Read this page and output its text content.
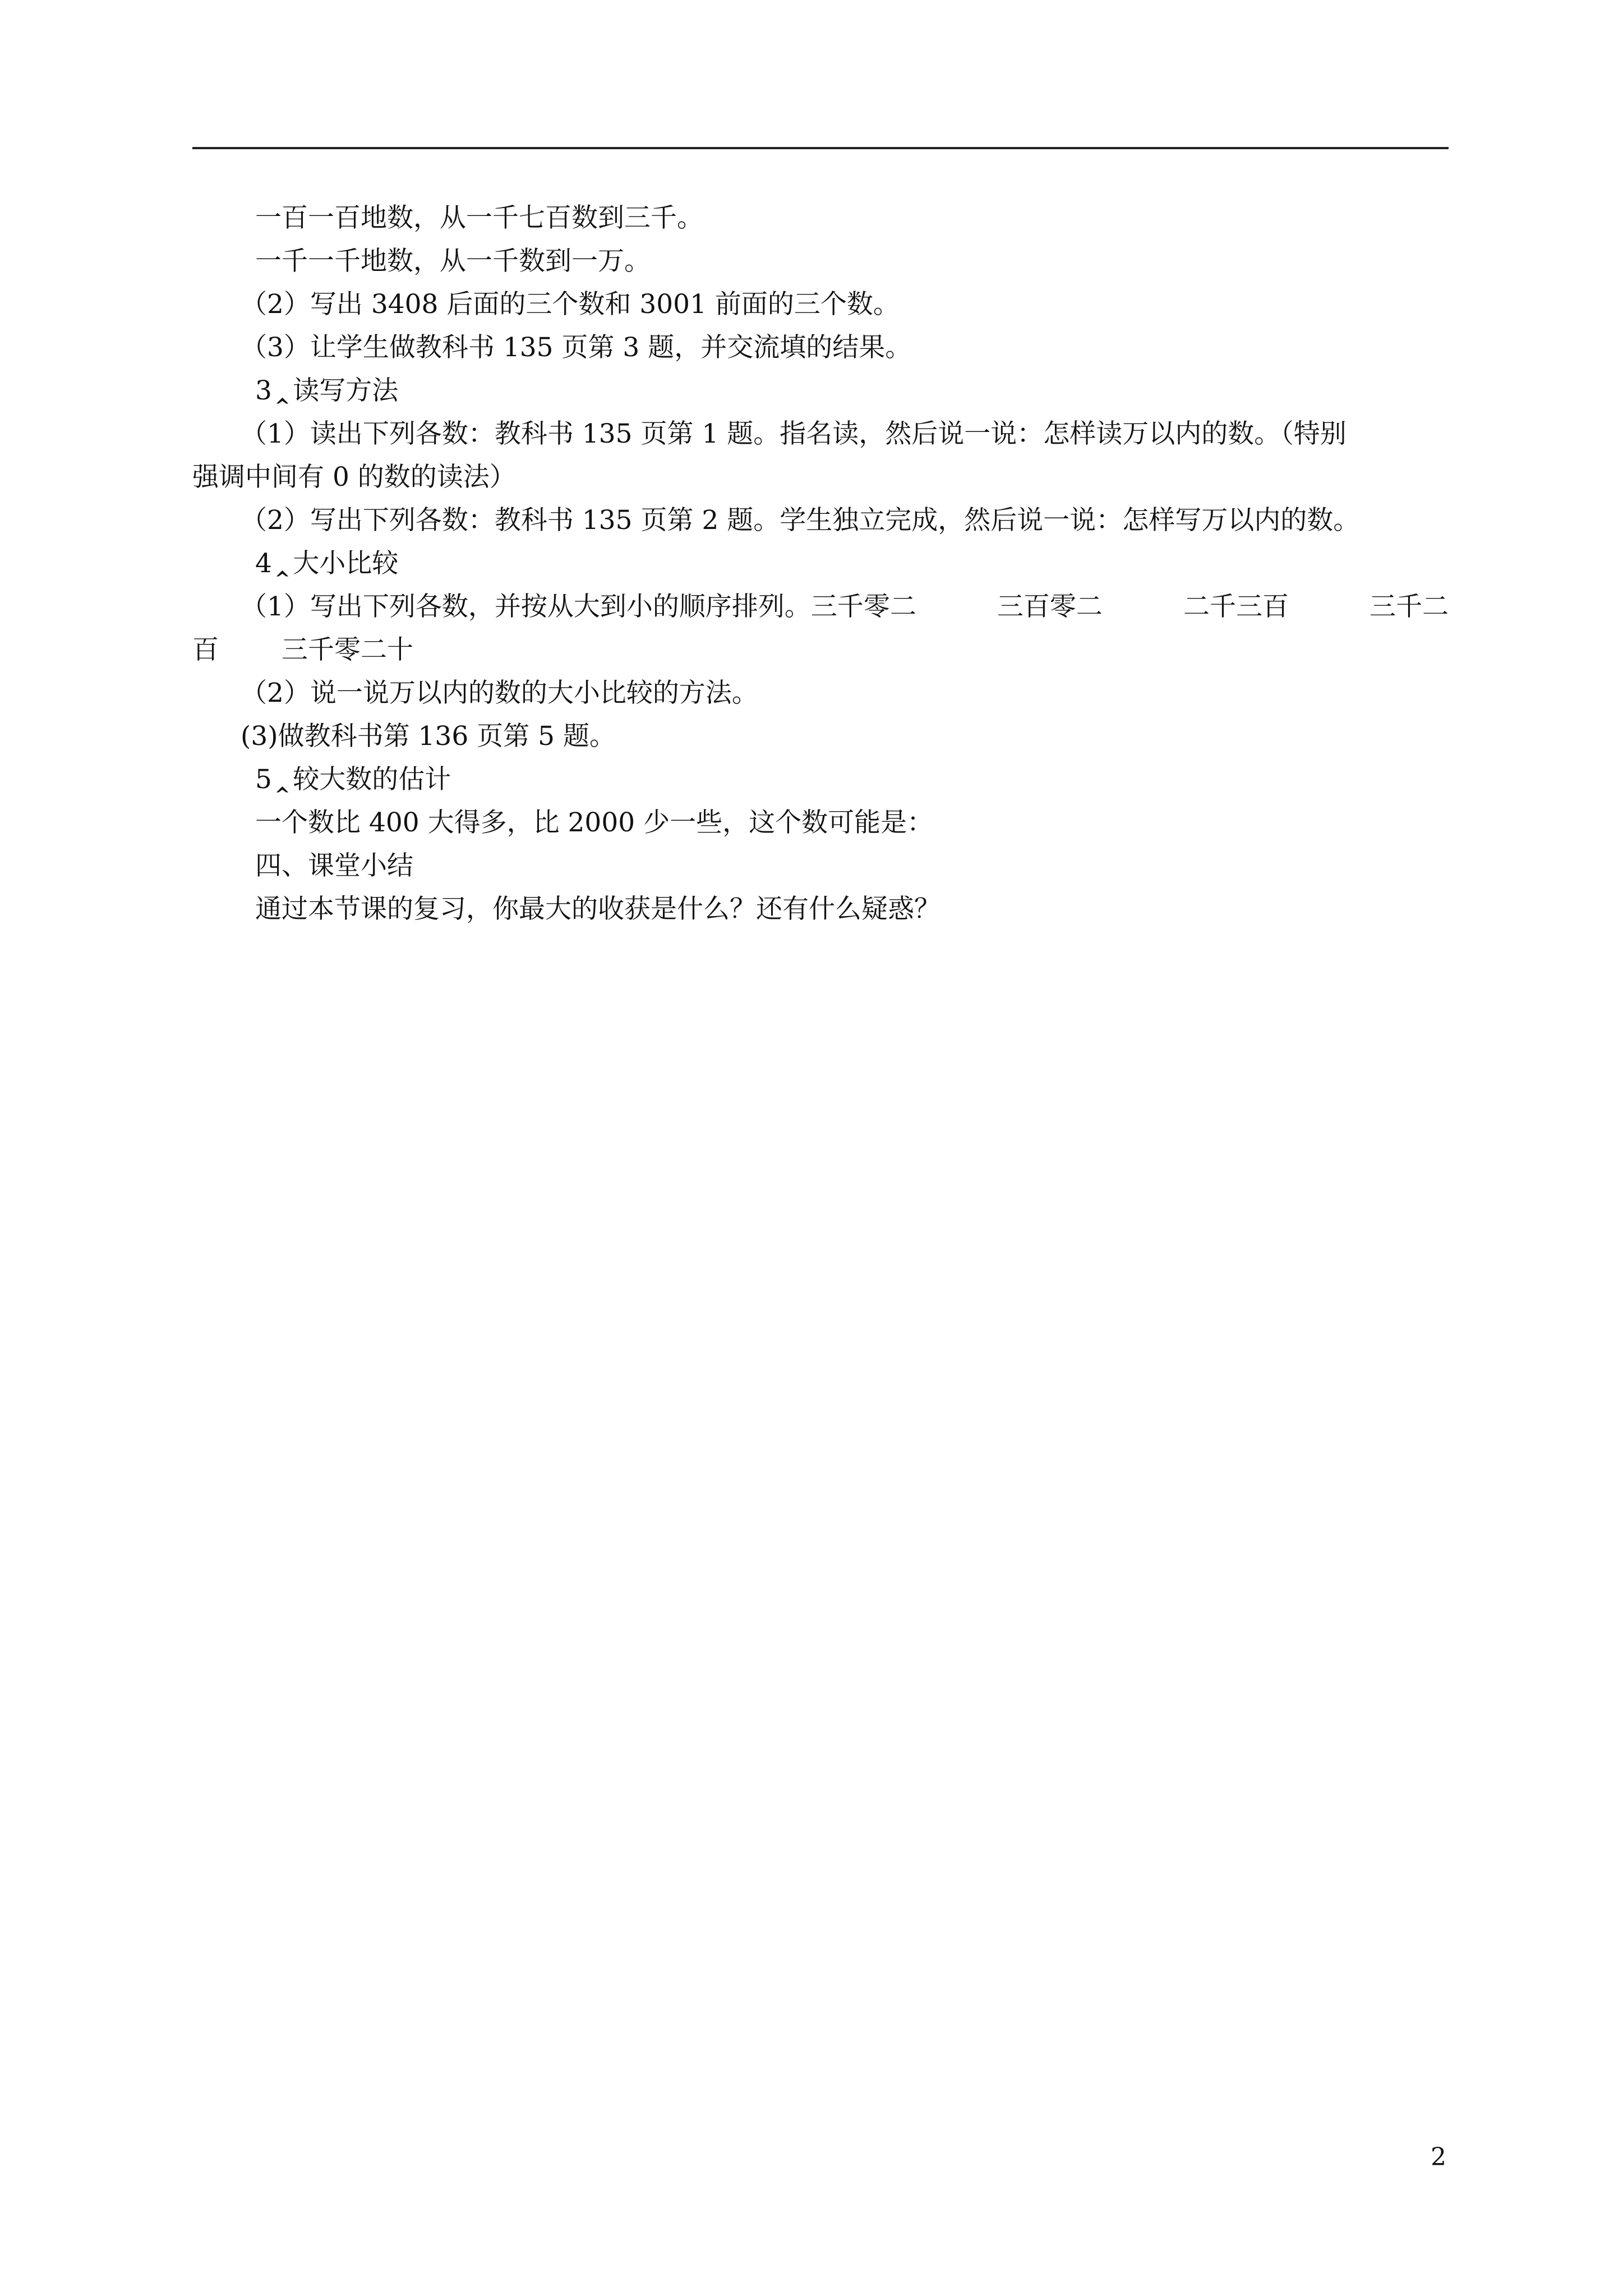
一百一百地数，从一千七百数到三千。
一千一千地数，从一千数到一万。
（2）写出 3408 后面的三个数和 3001 前面的三个数。
（3）让学生做教科书 135 页第 3 题，并交流填的结果。
3 ‸读写方法
（1）读出下列各数：教科书 135 页第 1 题。指名读，然后说一说：怎样读万以内的数。（特别
强调中间有 0 的数的读法）
（2）写出下列各数：教科书 135 页第 2 题。学生独立完成，然后说一说：怎样写万以内的数。
4 ‸大小比较
（1）写出下列各数，并按从大到小的顺序排列。三千零二	三百零二	二千三百	三千二
百 三千零二十
（2）说一说万以内的数的大小比较的方法。
(3)做教科书第 136 页第 5 题。
5 ‸较大数的估计
一个数比 400 大得多，比 2000 少一些，这个数可能是：
四、课堂小结
通过本节课的复习，你最大的收获是什么？还有什么疑惑？
2
